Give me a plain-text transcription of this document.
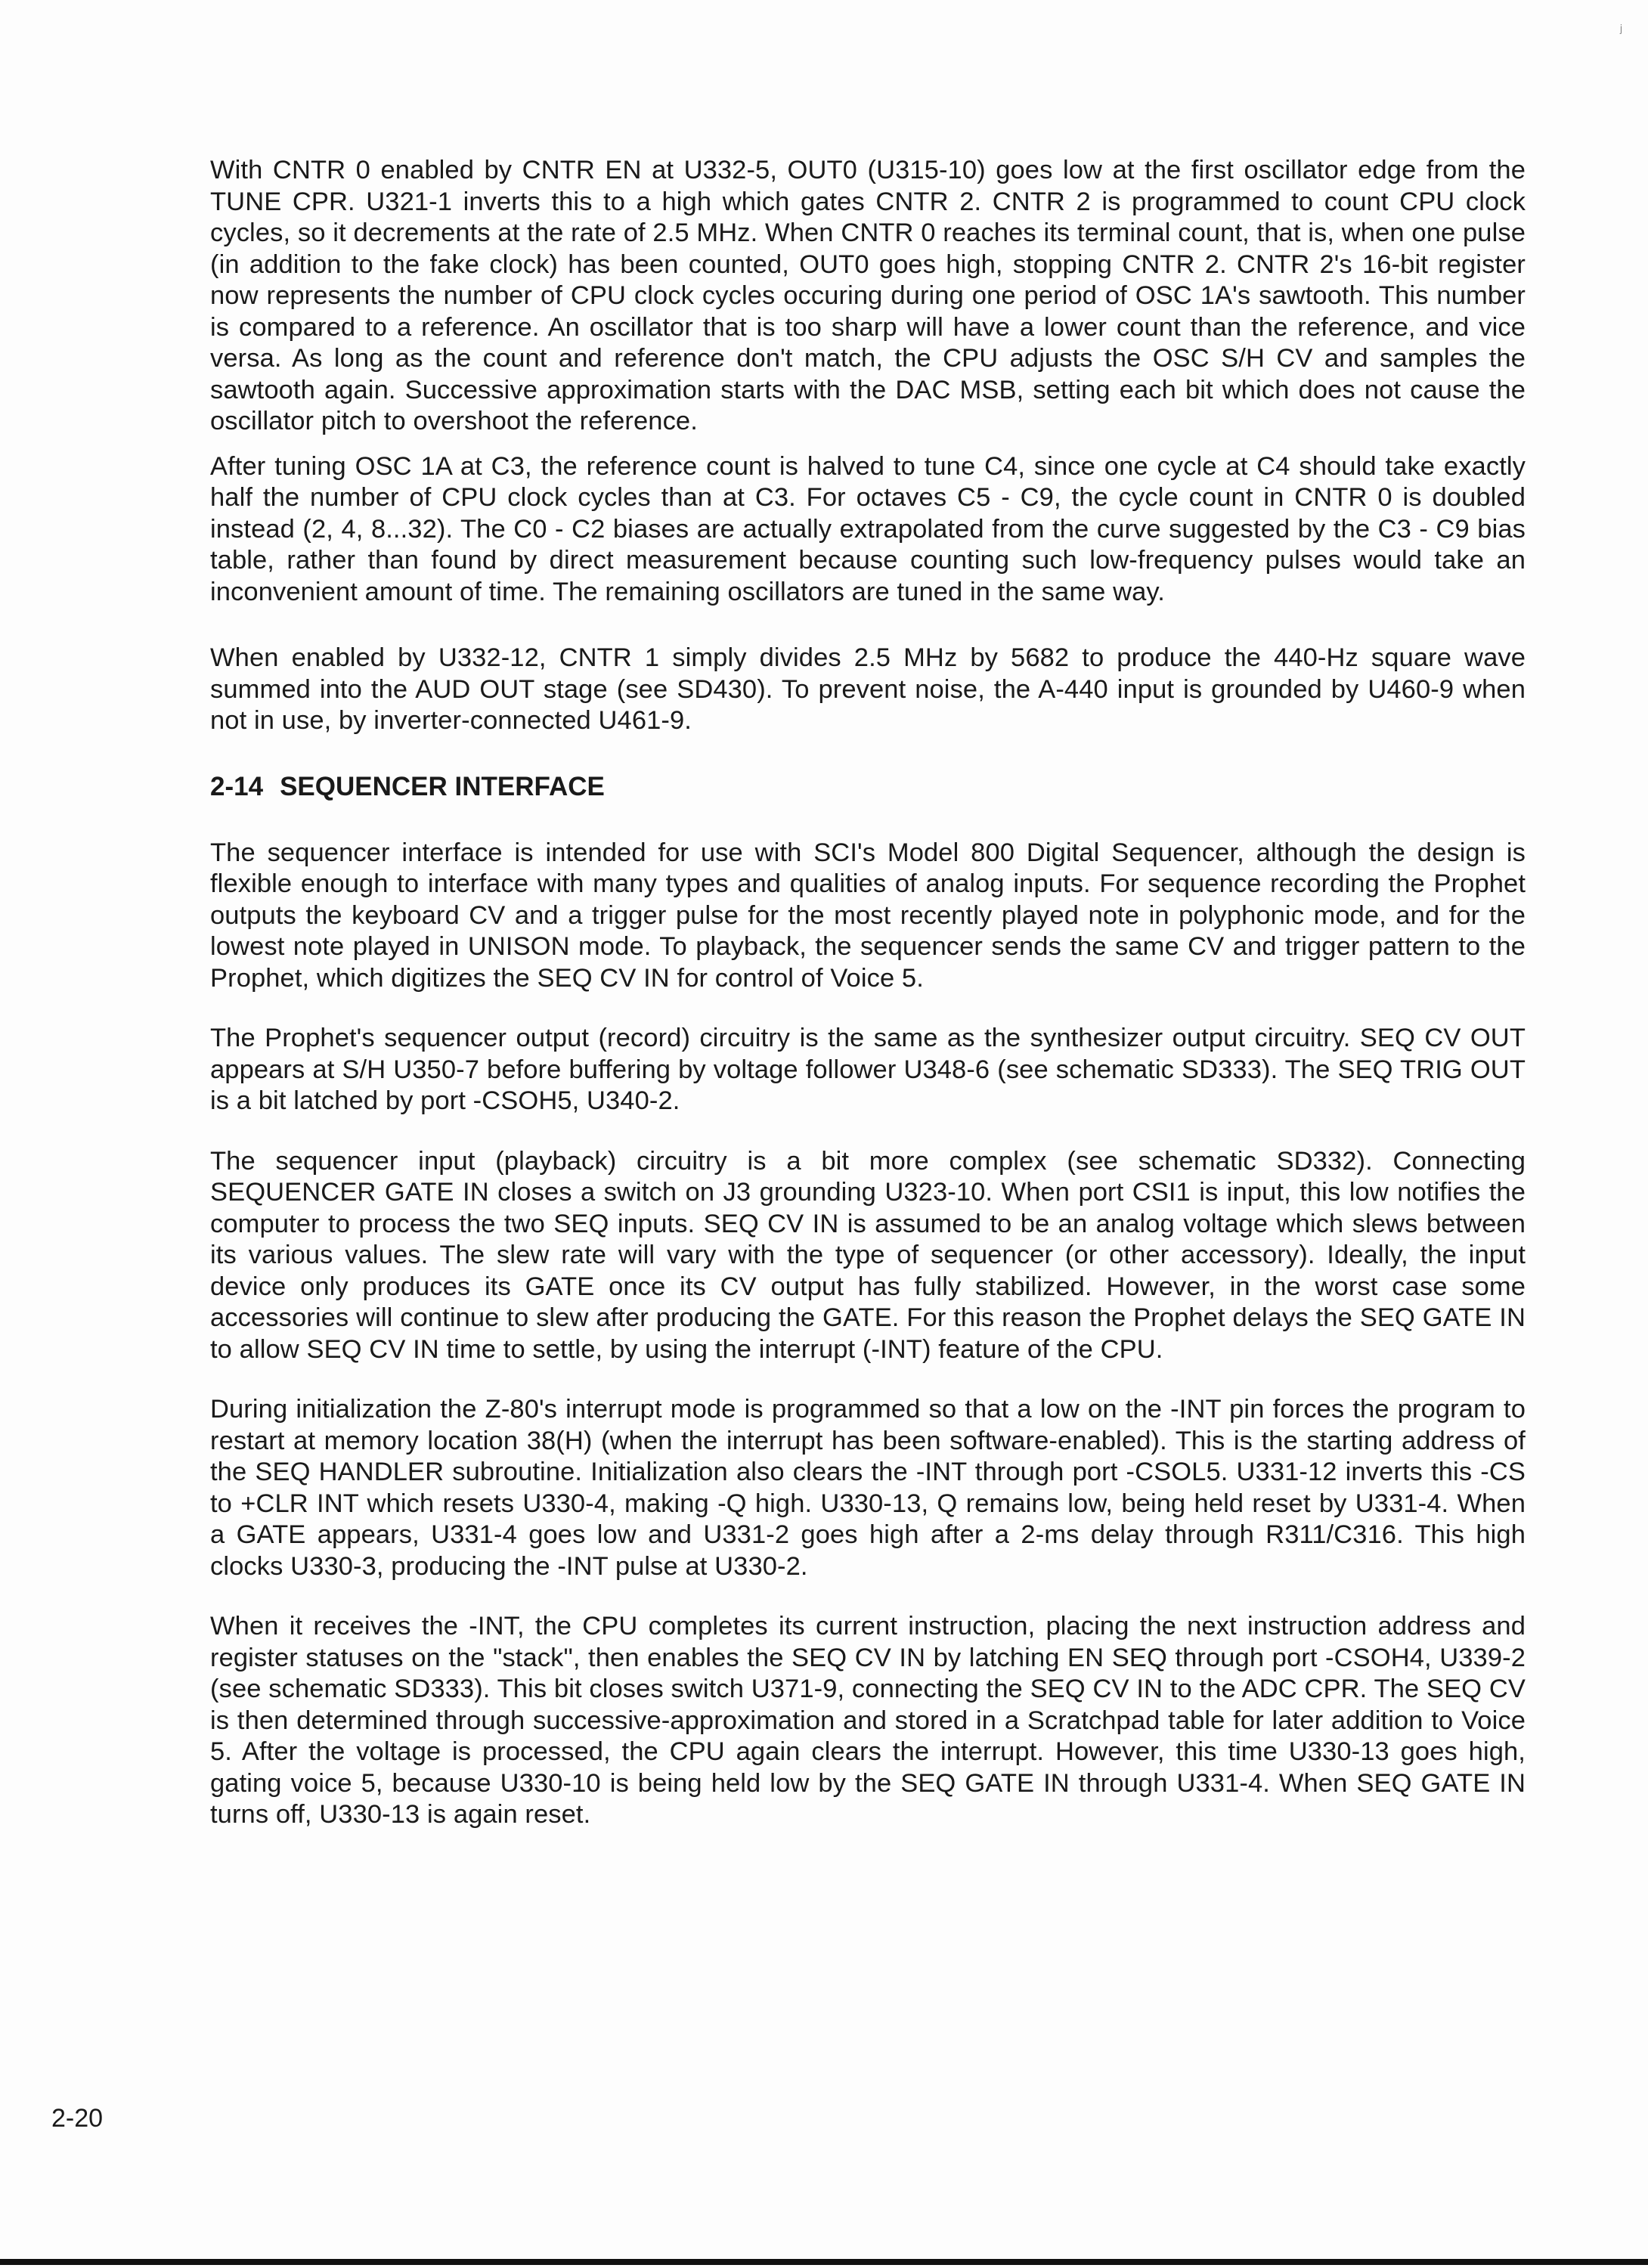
ʲ

With CNTR 0 enabled by CNTR EN at U332-5, OUT0 (U315-10) goes low at the first oscillator edge from the TUNE CPR. U321-1 inverts this to a high which gates CNTR 2. CNTR 2 is programmed to count CPU clock cycles, so it decrements at the rate of 2.5 MHz. When CNTR 0 reaches its terminal count, that is, when one pulse (in addition to the fake clock) has been counted, OUT0 goes high, stopping CNTR 2. CNTR 2's 16-bit register now represents the number of CPU clock cycles occuring during one period of OSC 1A's sawtooth. This number is compared to a reference. An oscillator that is too sharp will have a lower count than the reference, and vice versa. As long as the count and reference don't match, the CPU adjusts the OSC S/H CV and samples the sawtooth again. Successive approximation starts with the DAC MSB, setting each bit which does not cause the oscillator pitch to overshoot the reference.

After tuning OSC 1A at C3, the reference count is halved to tune C4, since one cycle at C4 should take exactly half the number of CPU clock cycles than at C3. For octaves C5 - C9, the cycle count in CNTR 0 is doubled instead (2, 4, 8...32). The C0 - C2 biases are actually extrapolated from the curve suggested by the C3 - C9 bias table, rather than found by direct measurement because counting such low-frequency pulses would take an inconvenient amount of time. The remaining oscillators are tuned in the same way.

When enabled by U332-12, CNTR 1 simply divides 2.5 MHz by 5682 to produce the 440-Hz square wave summed into the AUD OUT stage (see SD430). To prevent noise, the A-440 input is grounded by U460-9 when not in use, by inverter-connected U461-9.

2-14 SEQUENCER INTERFACE

The sequencer interface is intended for use with SCI's Model 800 Digital Sequencer, although the design is flexible enough to interface with many types and qualities of analog inputs. For sequence recording the Prophet outputs the keyboard CV and a trigger pulse for the most recently played note in polyphonic mode, and for the lowest note played in UNISON mode. To playback, the sequencer sends the same CV and trigger pattern to the Prophet, which digitizes the SEQ CV IN for control of Voice 5.

The Prophet's sequencer output (record) circuitry is the same as the synthesizer output circuitry. SEQ CV OUT appears at S/H U350-7 before buffering by voltage follower U348-6 (see schematic SD333). The SEQ TRIG OUT is a bit latched by port -CSOH5, U340-2.

The sequencer input (playback) circuitry is a bit more complex (see schematic SD332). Connecting SEQUENCER GATE IN closes a switch on J3 grounding U323-10. When port CSI1 is input, this low notifies the computer to process the two SEQ inputs. SEQ CV IN is assumed to be an analog voltage which slews between its various values. The slew rate will vary with the type of sequencer (or other accessory). Ideally, the input device only produces its GATE once its CV output has fully stabilized. However, in the worst case some accessories will continue to slew after producing the GATE. For this reason the Prophet delays the SEQ GATE IN to allow SEQ CV IN time to settle, by using the interrupt (-INT) feature of the CPU.

During initialization the Z-80's interrupt mode is programmed so that a low on the -INT pin forces the program to restart at memory location 38(H) (when the interrupt has been software-enabled). This is the starting address of the SEQ HANDLER subroutine. Initialization also clears the -INT through port -CSOL5. U331-12 inverts this -CS to +CLR INT which resets U330-4, making -Q high. U330-13, Q remains low, being held reset by U331-4. When a GATE appears, U331-4 goes low and U331-2 goes high after a 2-ms delay through R311/C316. This high clocks U330-3, producing the -INT pulse at U330-2.

When it receives the -INT, the CPU completes its current instruction, placing the next instruction address and register statuses on the "stack", then enables the SEQ CV IN by latching EN SEQ through port -CSOH4, U339-2 (see schematic SD333). This bit closes switch U371-9, connecting the SEQ CV IN to the ADC CPR. The SEQ CV is then determined through successive-approximation and stored in a Scratchpad table for later addition to Voice 5. After the voltage is processed, the CPU again clears the interrupt. However, this time U330-13 goes high, gating voice 5, because U330-10 is being held low by the SEQ GATE IN through U331-4. When SEQ GATE IN turns off, U330-13 is again reset.

2-20
